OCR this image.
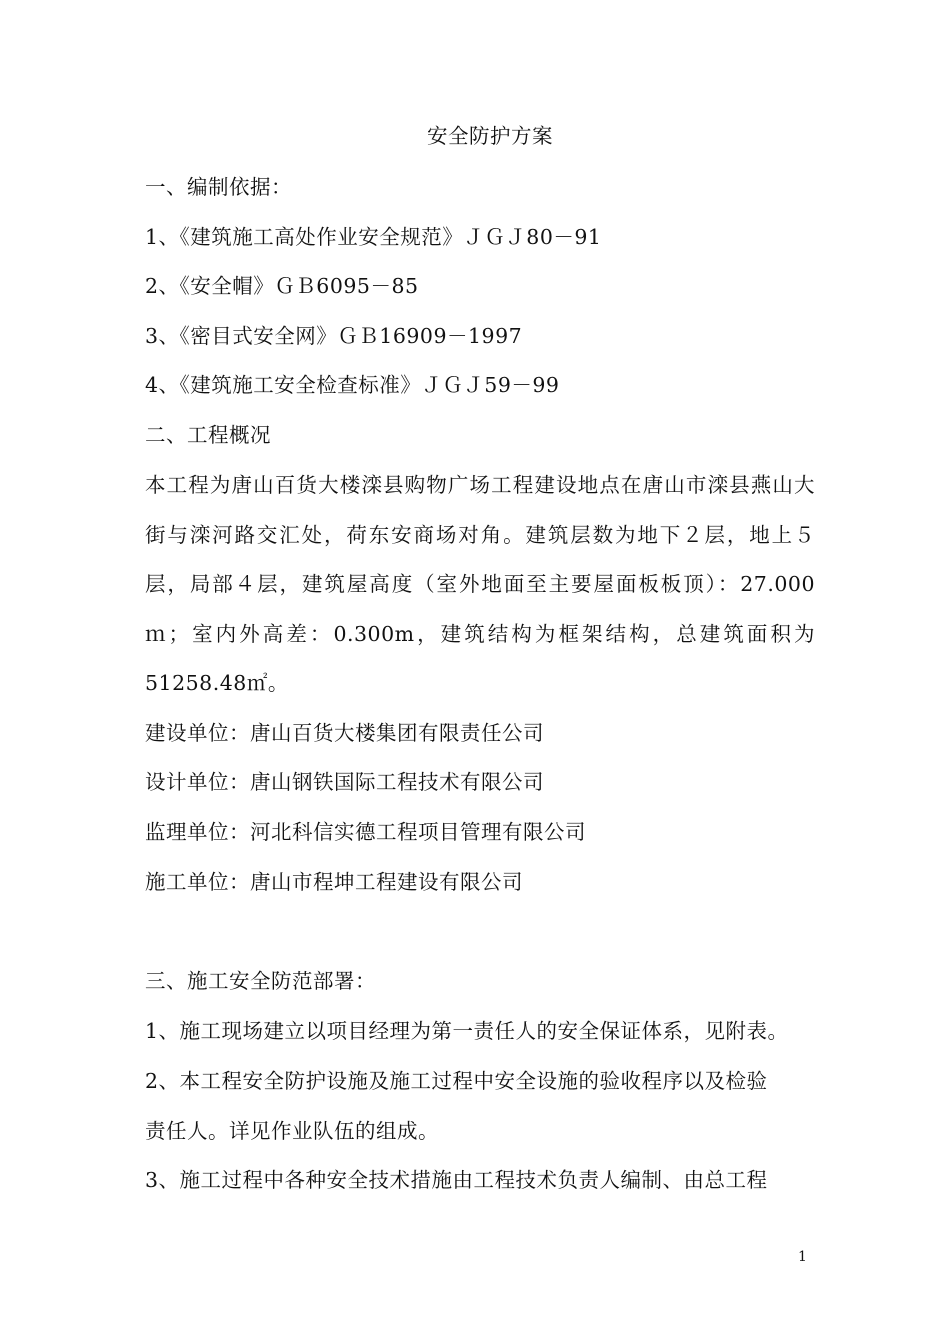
安全防护方案
一、编制依据：
1、《建筑施工高处作业安全规范》ＪＧＪ80－91
2、《安全帽》ＧＢ6095－85
3、《密目式安全网》ＧＢ16909－1997
4、《建筑施工安全检查标准》ＪＧＪ59－99
二、工程概况

本工程为唐山百货大楼滦县购物广场工程建设地点在唐山市滦县燕山大街与滦河路交汇处，荷东安商场对角。建筑层数为地下２层，地上５层，局部４层，建筑屋高度（室外地面至主要屋面板板顶）：27.000ｍ；室内外高差：0.300m，建筑结构为框架结构，总建筑面积为51258.48㎡。

建设单位：唐山百货大楼集团有限责任公司
设计单位：唐山钢铁国际工程技术有限公司
监理单位：河北科信实德工程项目管理有限公司
施工单位：唐山市程坤工程建设有限公司
三、施工安全防范部署：
1、施工现场建立以项目经理为第一责任人的安全保证体系，见附表。
2、本工程安全防护设施及施工过程中安全设施的验收程序以及检验
责任人。详见作业队伍的组成。
3、施工过程中各种安全技术措施由工程技术负责人编制、由总工程
1
